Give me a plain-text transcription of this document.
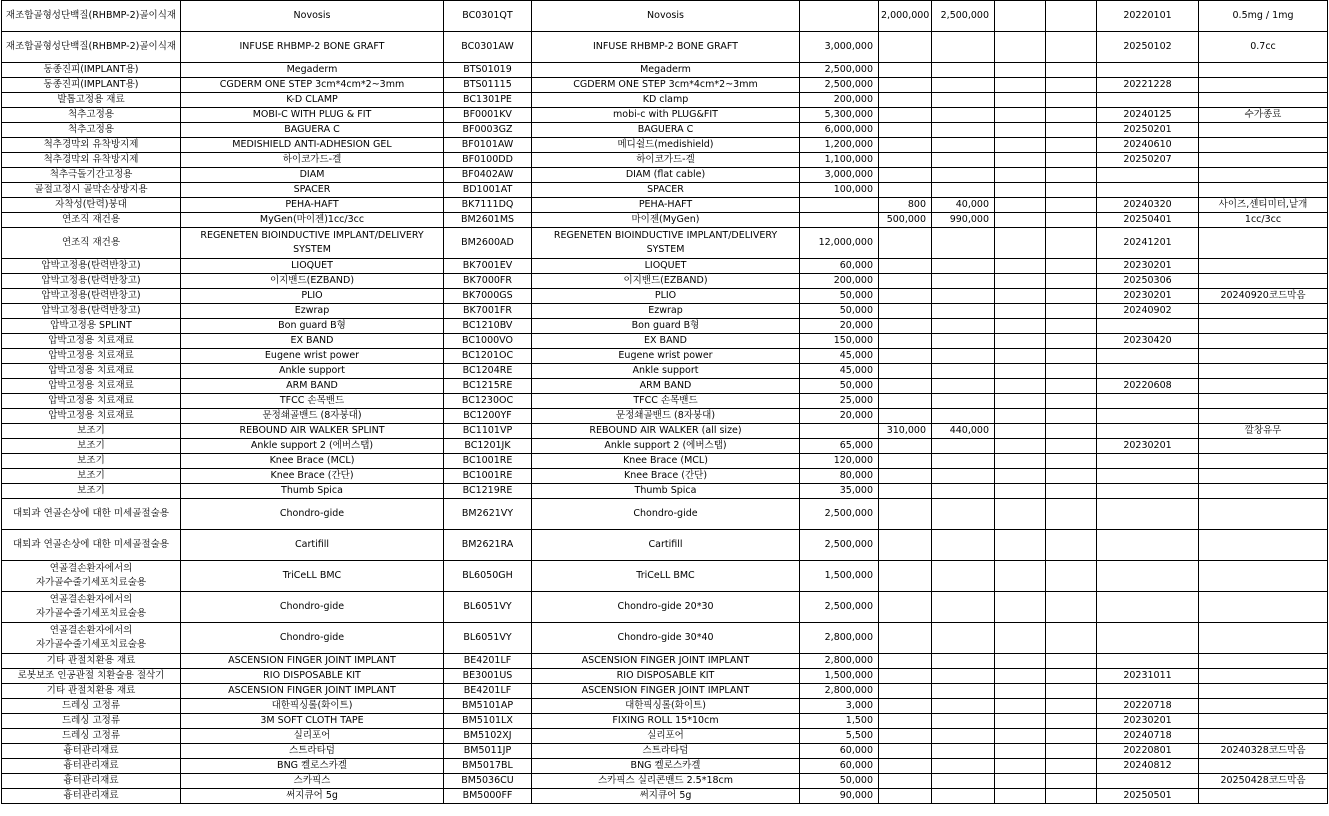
재조합골형성단백질(RHBMP-2)골이식재	Novosis	BC0301QT	Novosis		2,000,000	2,500,000			20220101	0.5mg / 1mg
재조합골형성단백질(RHBMP-2)골이식재	INFUSE RHBMP-2 BONE GRAFT	BC0301AW	INFUSE RHBMP-2 BONE GRAFT	3,000,000					20250102	0.7cc
동종진피(IMPLANT용)	Megaderm	BTS01019	Megaderm	2,500,000						
동종진피(IMPLANT용)	CGDERM ONE STEP 3cm*4cm*2~3mm	BTS01115	CGDERM ONE STEP 3cm*4cm*2~3mm	2,500,000					20221228	
발톱고정용 재료	K-D CLAMP	BC1301PE	KD clamp	200,000						
척추고정용	MOBI-C WITH PLUG & FIT	BF0001KV	mobi-c with PLUG&FIT	5,300,000					20240125	수가종료
척추고정용	BAGUERA C	BF0003GZ	BAGUERA C	6,000,000					20250201	
척추경막외 유착방지제	MEDISHIELD ANTI-ADHESION GEL	BF0101AW	메디쉴드(medishield)	1,200,000					20240610	
척추경막외 유착방지제	하이코가드-겔	BF0100DD	하이코가드-겔	1,100,000					20250207	
척추극돌기간고정용	DIAM	BF0402AW	DIAM (flat cable)	3,000,000						
골절고정시 골막손상방지용	SPACER	BD1001AT	SPACER	100,000						
자착성(탄력)붕대	PEHA-HAFT	BK7111DQ	PEHA-HAFT		800	40,000			20240320	사이즈,센티미터,낱개
연조직 재건용	MyGen(마이젠)1cc/3cc	BM2601MS	마이젠(MyGen)		500,000	990,000			20250401	1cc/3cc
연조직 재건용	REGENETEN BIOINDUCTIVE IMPLANT/DELIVERY SYSTEM	BM2600AD	REGENETEN BIOINDUCTIVE IMPLANT/DELIVERY SYSTEM	12,000,000					20241201	
압박고정용(탄력반창고)	LIOQUET	BK7001EV	LIOQUET	60,000					20230201	
압박고정용(탄력반창고)	이지밴드(EZBAND)	BK7000FR	이지밴드(EZBAND)	200,000					20250306	
압박고정용(탄력반창고)	PLIO	BK7000GS	PLIO	50,000					20230201	20240920코드막음
압박고정용(탄력반창고)	Ezwrap	BK7001FR	Ezwrap	50,000					20240902	
압박고정용 SPLINT	Bon guard B형	BC1210BV	Bon guard B형	20,000						
압박고정용 치료재료	EX BAND	BC1000VO	EX BAND	150,000					20230420	
압박고정용 치료재료	Eugene wrist power	BC1201OC	Eugene wrist power	45,000						
압박고정용 치료재료	Ankle support	BC1204RE	Ankle support	45,000						
압박고정용 치료재료	ARM BAND	BC1215RE	ARM BAND	50,000					20220608	
압박고정용 치료재료	TFCC 손목밴드	BC1230OC	TFCC 손목밴드	25,000						
압박고정용 치료재료	문정쇄골밴드 (8자붕대)	BC1200YF	문정쇄골밴드 (8자붕대)	20,000						
보조기	REBOUND AIR WALKER SPLINT	BC1101VP	REBOUND AIR WALKER (all size)		310,000	440,000				깔창유무
보조기	Ankle support 2 (에버스탭)	BC1201JK	Ankle support 2 (에버스탭)	65,000					20230201	
보조기	Knee Brace (MCL)	BC1001RE	Knee Brace (MCL)	120,000						
보조기	Knee Brace (간단)	BC1001RE	Knee Brace (간단)	80,000						
보조기	Thumb Spica	BC1219RE	Thumb Spica	35,000						
대퇴과 연골손상에 대한 미세골절술용	Chondro-gide	BM2621VY	Chondro-gide	2,500,000						
대퇴과 연골손상에 대한 미세골절술용	Cartifill	BM2621RA	Cartifill	2,500,000						
연골결손환자에서의 자가골수줄기세포치료술용	TriCeLL BMC	BL6050GH	TriCeLL BMC	1,500,000						
연골결손환자에서의 자가골수줄기세포치료술용	Chondro-gide	BL6051VY	Chondro-gide 20*30	2,500,000						
연골결손환자에서의 자가골수줄기세포치료술용	Chondro-gide	BL6051VY	Chondro-gide 30*40	2,800,000						
기타 관절치환용 재료	ASCENSION FINGER JOINT IMPLANT	BE4201LF	ASCENSION FINGER JOINT IMPLANT	2,800,000						
로봇보조 인공관절 치환술용 절삭기	RIO DISPOSABLE KIT	BE3001US	RIO DISPOSABLE KIT	1,500,000					20231011	
기타 관절치환용 재료	ASCENSION FINGER JOINT IMPLANT	BE4201LF	ASCENSION FINGER JOINT IMPLANT	2,800,000						
드레싱 고정류	대한픽싱롤(화이트)	BM5101AP	대한픽싱롤(화이트)	3,000					20220718	
드레싱 고정류	3M SOFT CLOTH TAPE	BM5101LX	FIXING ROLL 15*10cm	1,500					20230201	
드레싱 고정류	실리포어	BM5102XJ	실리포어	5,500					20240718	
흉터관리재료	스트라타덤	BM5011JP	스트라타덤	60,000					20220801	20240328코드막음
흉터관리재료	BNG 켈로스카겔	BM5017BL	BNG 켈로스카겔	60,000					20240812	
흉터관리재료	스카픽스	BM5036CU	스카픽스 실리콘밴드 2.5*18cm	50,000						20250428코드막음
흉터관리재료	써지큐어 5g	BM5000FF	써지큐어 5g	90,000					20250501	
